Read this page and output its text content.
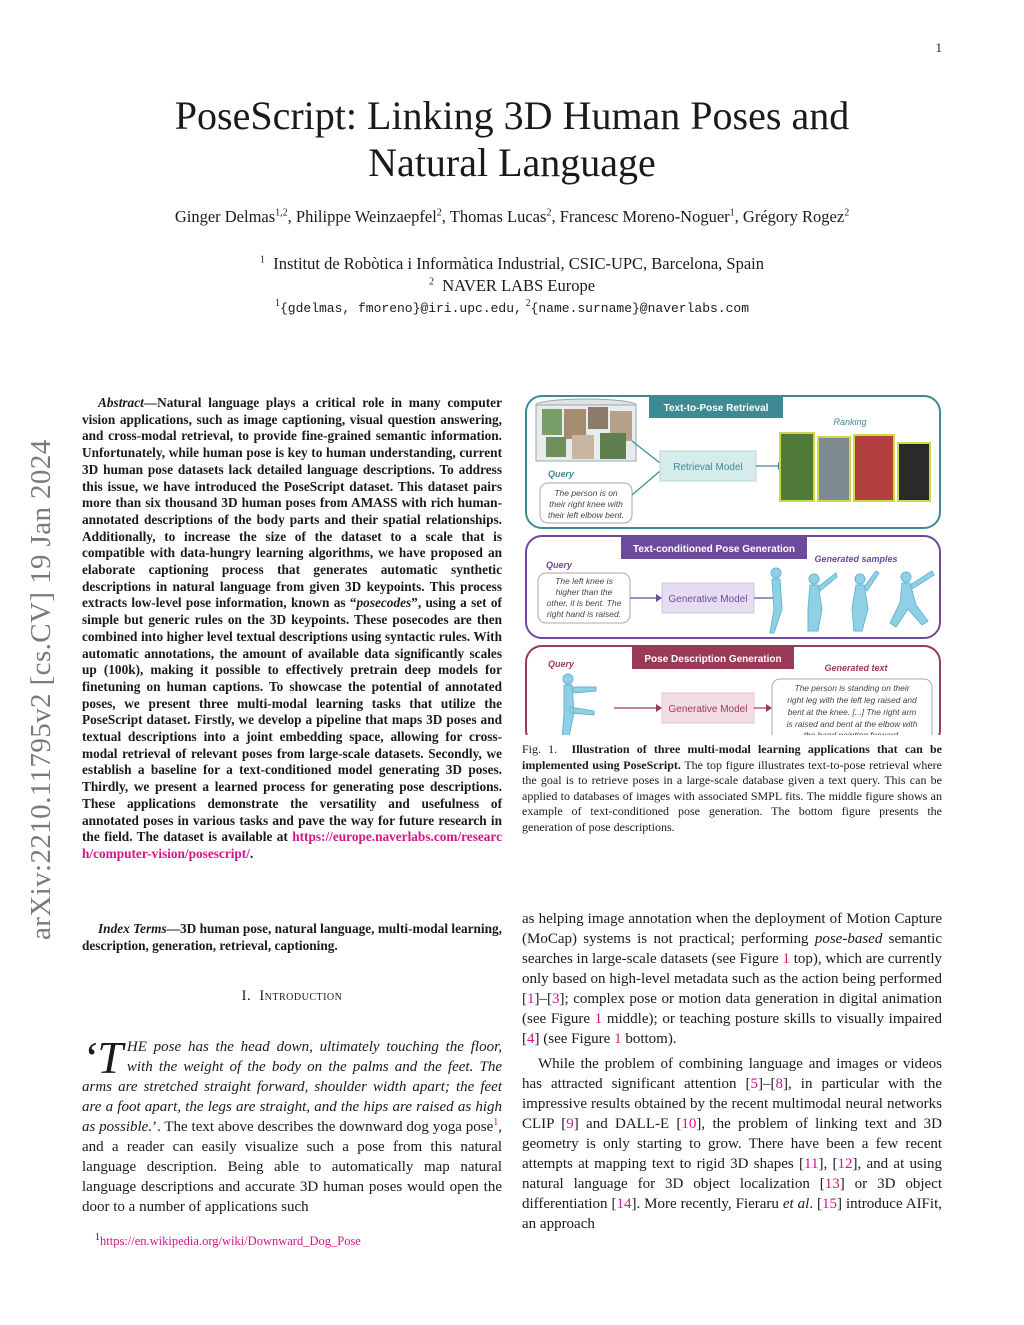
1
arXiv:2210.11795v2 [cs.CV] 19 Jan 2024
PoseScript: Linking 3D Human Poses and Natural Language
Ginger Delmas$^{1,2}$, Philippe Weinzaepfel$^2$, Thomas Lucas$^2$, Francesc Moreno-Noguer$^1$, Grégory Rogez$^2$
$^1$ Institut de Robòtica i Informàtica Industrial, CSIC-UPC, Barcelona, Spain
$^2$ NAVER LABS Europe
$^1${gdelmas, fmoreno}@iri.upc.edu, $^2${name.surname}@naverlabs.com
Abstract—Natural language plays a critical role in many computer vision applications, such as image captioning, visual question answering, and cross-modal retrieval, to provide fine-grained semantic information. Unfortunately, while human pose is key to human understanding, current 3D human pose datasets lack detailed language descriptions. To address this issue, we have introduced the PoseScript dataset. This dataset pairs more than six thousand 3D human poses from AMASS with rich human-annotated descriptions of the body parts and their spatial relationships. Additionally, to increase the size of the dataset to a scale that is compatible with data-hungry learning algorithms, we have proposed an elaborate captioning process that generates automatic synthetic descriptions in natural language from given 3D keypoints. This process extracts low-level pose information, known as “posecodes”, using a set of simple but generic rules on the 3D keypoints. These posecodes are then combined into higher level textual descriptions using syntactic rules. With automatic annotations, the amount of available data significantly scales up (100k), making it possible to effectively pretrain deep models for finetuning on human captions. To showcase the potential of annotated poses, we present three multi-modal learning tasks that utilize the PoseScript dataset. Firstly, we develop a pipeline that maps 3D poses and textual descriptions into a joint embedding space, allowing for cross-modal retrieval of relevant poses from large-scale datasets. Secondly, we establish a baseline for a text-conditioned model generating 3D poses. Thirdly, we present a learned process for generating pose descriptions. These applications demonstrate the versatility and usefulness of annotated poses in various tasks and pave the way for future research in the field. The dataset is available at https://europe.naverlabs.com/research/computer-vision/posescript/.
Index Terms—3D human pose, natural language, multi-modal learning, description, generation, retrieval, captioning.
I. Introduction
‘THE pose has the head down, ultimately touching the floor, with the weight of the body on the palms and the feet. The arms are stretched straight forward, shoulder width apart; the feet are a foot apart, the legs are straight, and the hips are raised as high as possible.’. The text above describes the downward dog yoga pose$^1$, and a reader can easily visualize such a pose from this natural language description. Being able to automatically map natural language descriptions and accurate 3D human poses would open the door to a number of applications such
$^1$https://en.wikipedia.org/wiki/Downward_Dog_Pose
Text-to-Pose Retrieval
Query
The person is on
their right knee with
their left elbow bent.
Retrieval Model
Ranking
Text-conditioned Pose Generation
Query
The left knee is
higher than the
other, it is bent. The
right hand is raised.
Generative Model
Generated samples
Pose Description Generation
Query
Generative Model
Generated text
The person is standing on their
right leg with the left leg raised and
bent at the knee. [...] The right arm
is raised and bent at the elbow with
the hand pointing forward.
Fig. 1. Illustration of three multi-modal learning applications that can be implemented using PoseScript. The top figure illustrates text-to-pose retrieval where the goal is to retrieve poses in a large-scale database given a text query. This can be applied to databases of images with associated SMPL fits. The middle figure shows an example of text-conditioned pose generation. The bottom figure presents the generation of pose descriptions.

as helping image annotation when the deployment of Motion Capture (MoCap) systems is not practical; performing pose-based semantic searches in large-scale datasets (see Figure 1 top), which are currently only based on high-level metadata such as the action being performed [1]–[3]; complex pose or motion data generation in digital animation (see Figure 1 middle); or teaching posture skills to visually impaired [4] (see Figure 1 bottom).

While the problem of combining language and images or videos has attracted significant attention [5]–[8], in particular with the impressive results obtained by the recent multimodal neural networks CLIP [9] and DALL-E [10], the problem of linking text and 3D geometry is only starting to grow. There have been a few recent attempts at mapping text to rigid 3D shapes [11], [12], and at using natural language for 3D object localization [13] or 3D object differentiation [14]. More recently, Fieraru et al. [15] introduce AIFit, an approach
